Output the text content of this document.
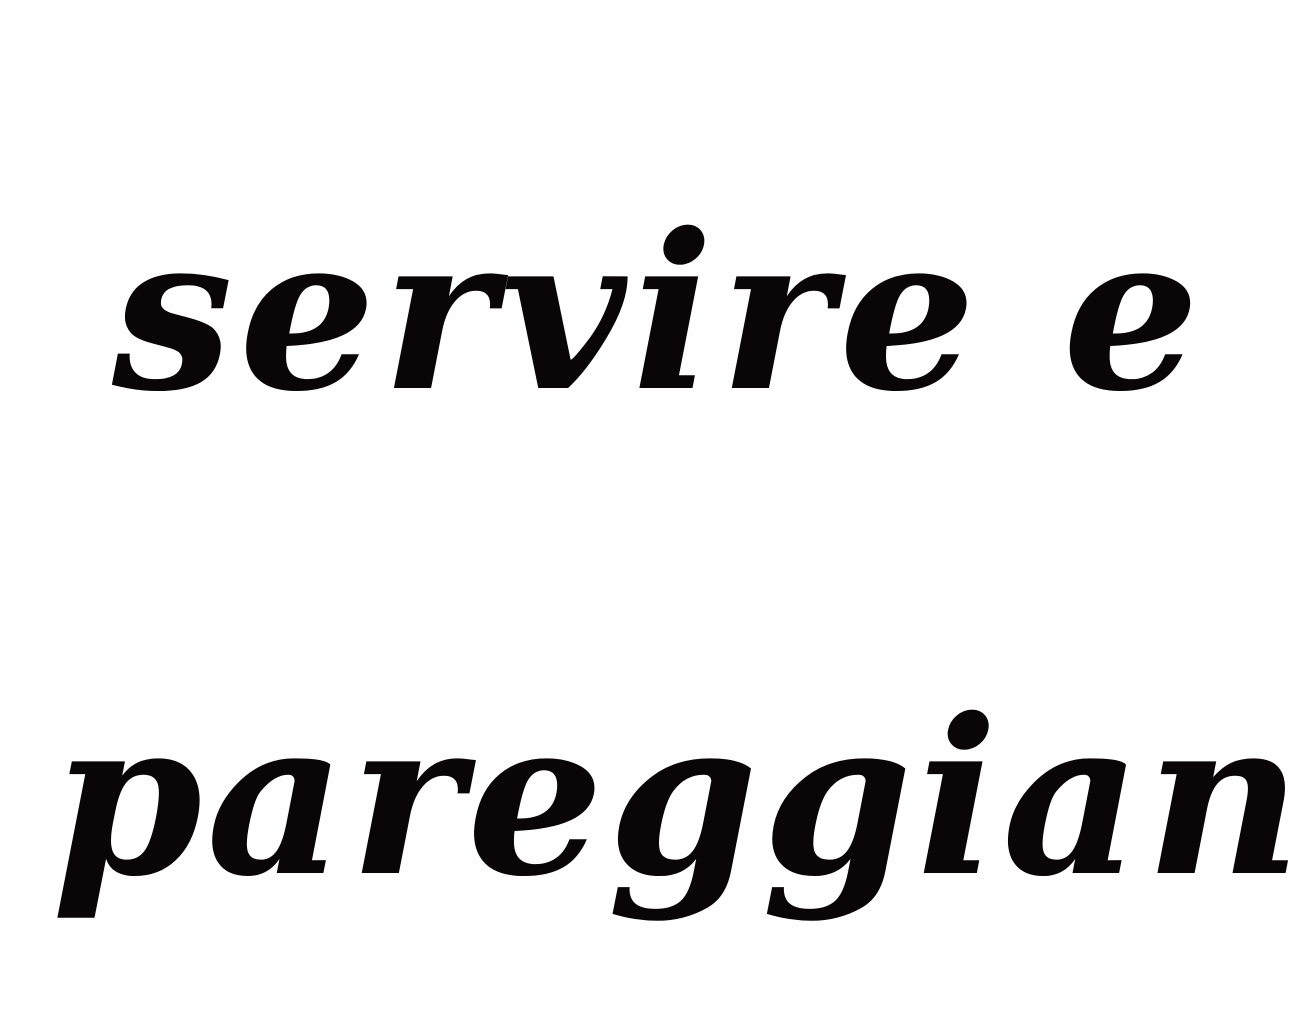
servire e
pareggian
